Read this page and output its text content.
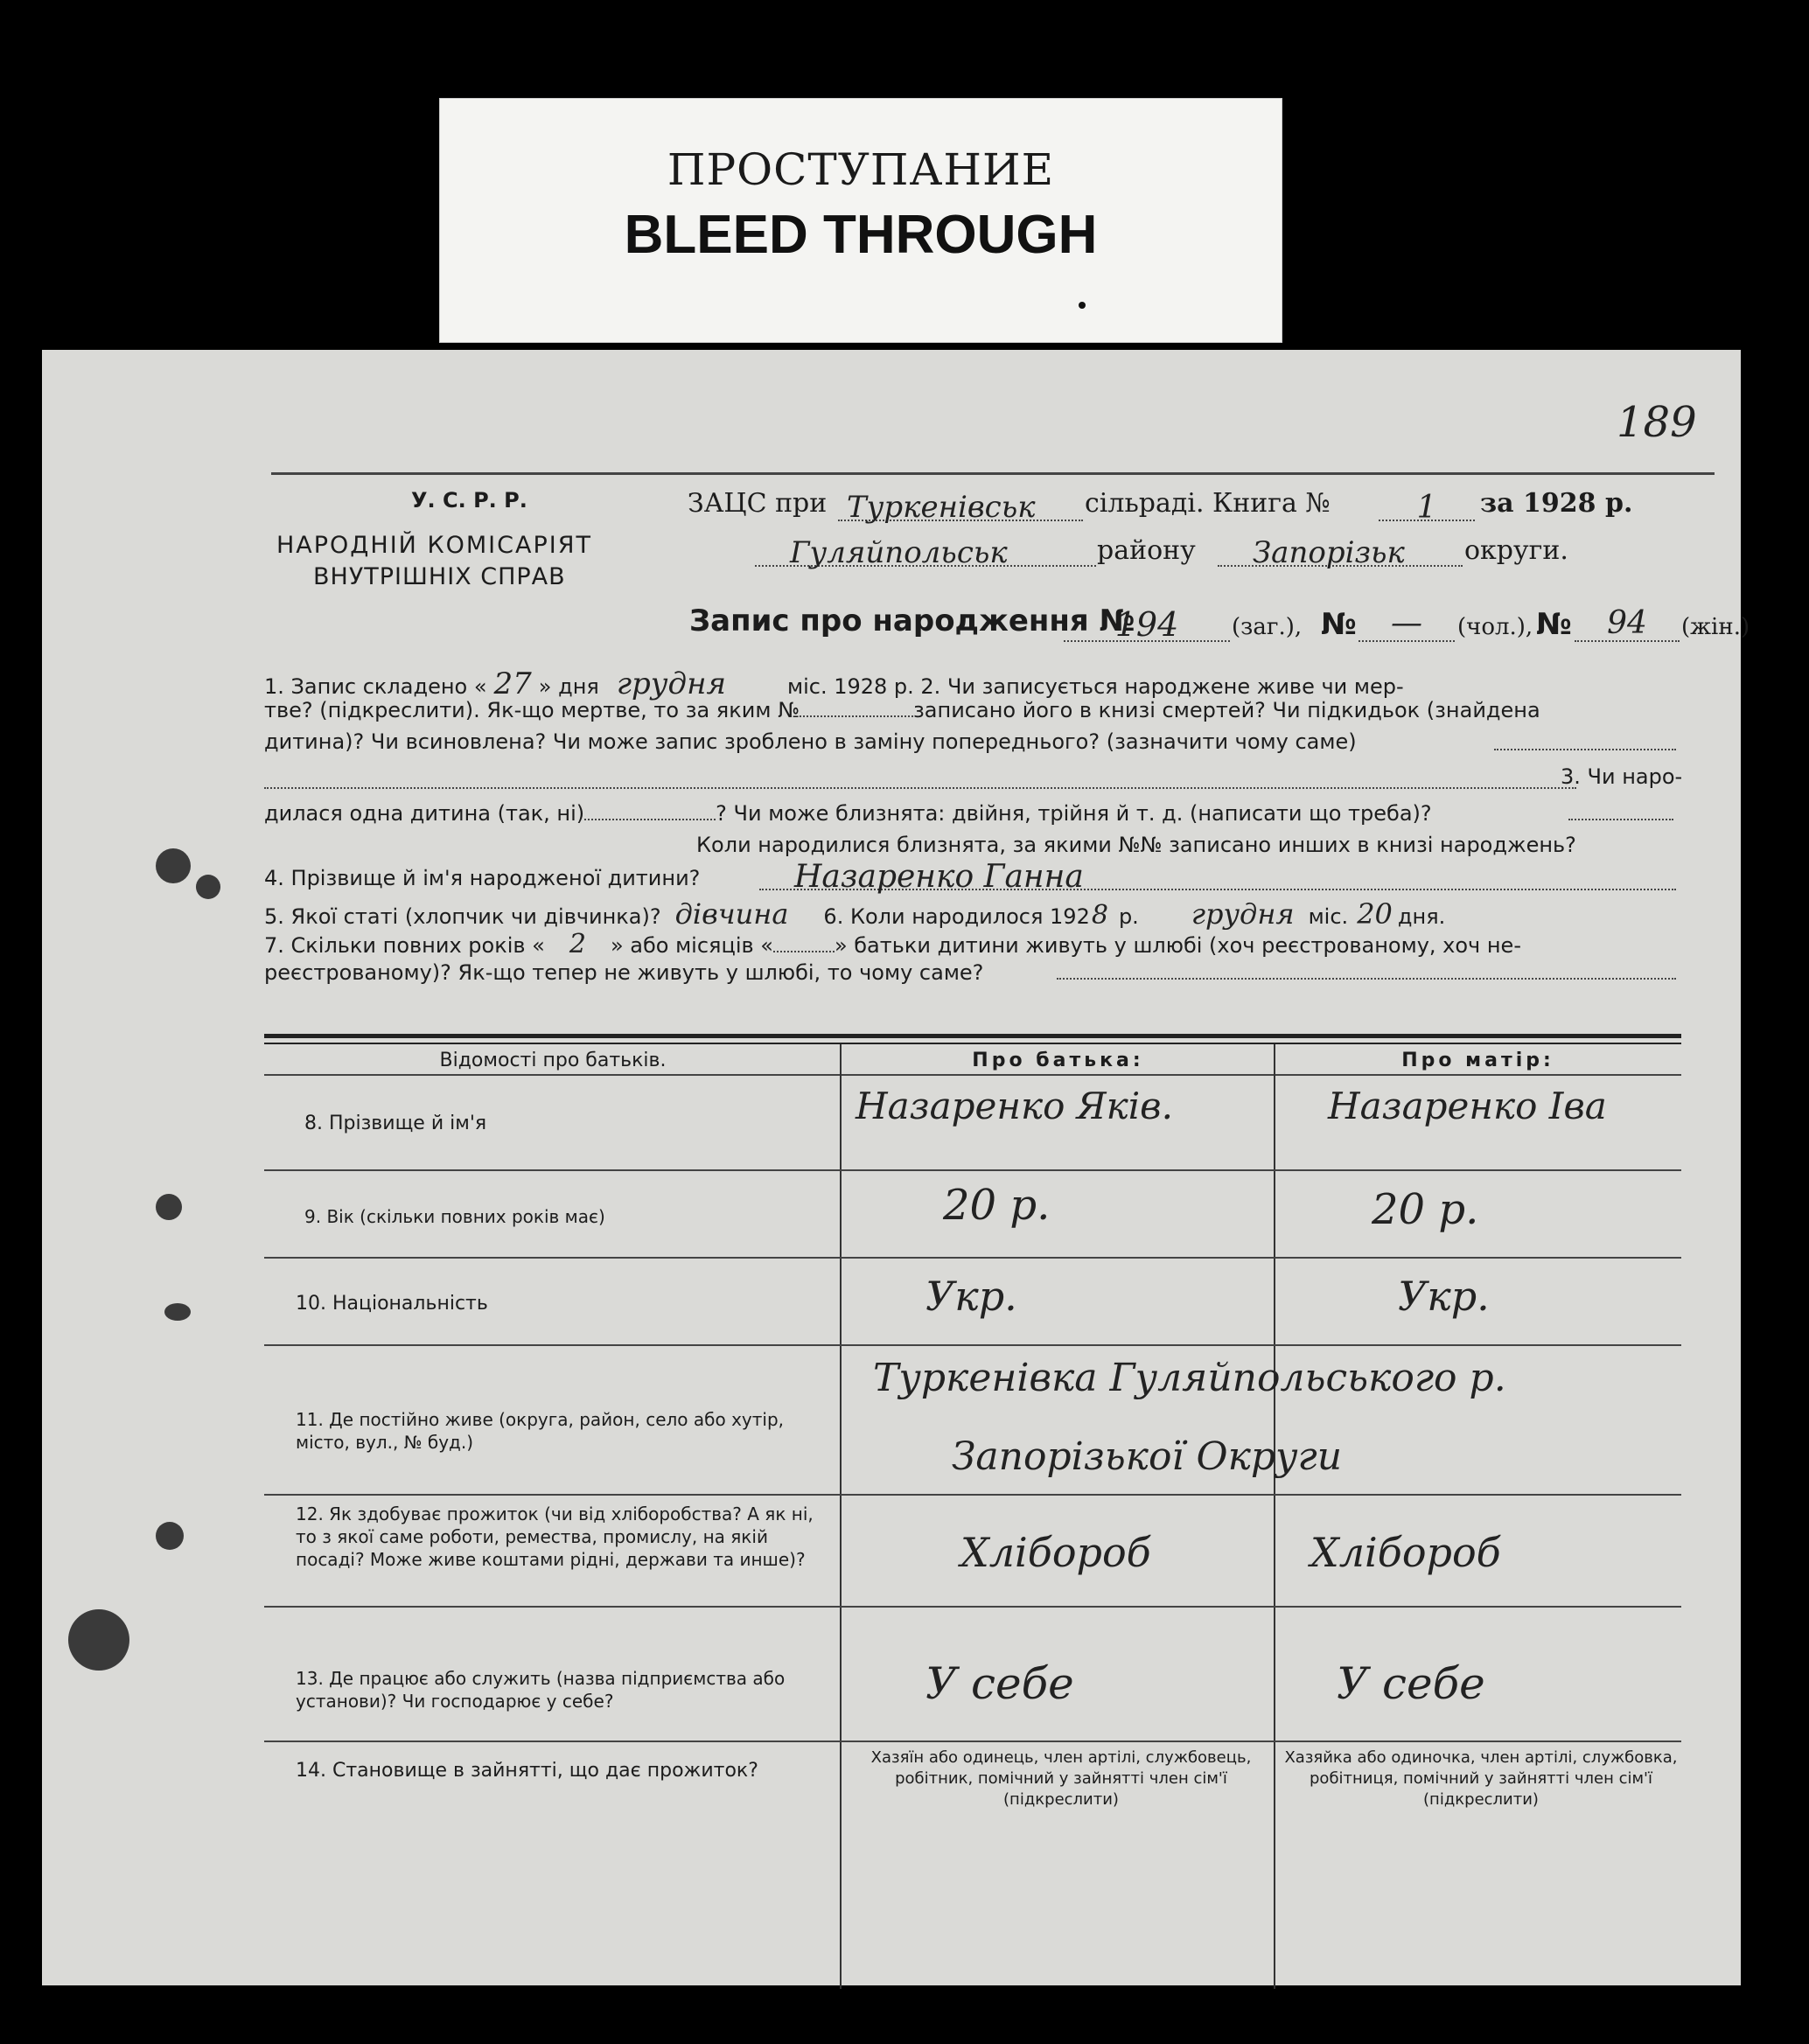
ПРОСТУПАНИЕ
BLEED THROUGH
189
У. С. Р. Р.
НАРОДНІЙ КОМІСАРІЯТ
ВНУТРІШНІХ СПРАВ
ЗАЦС при Туркенівськ	сільраді. Книга №	1	за 1928 р.
Гуляйпольськ	району	Запорізьк	округи.
Запис про народження №
194	(заг.), №	—	(чол.), №	94	(жін.)
1. Запис складено « 27 » дня грудня	міс. 1928 р. 2. Чи записується народжене живе чи мер-
тве? (підкреслити). Як-що мертве, то за яким №	записано його в книзі смертей? Чи підкидьок (знайдена
дитина)? Чи всиновлена? Чи може запис зроблено в заміну попереднього? (зазначити чому саме)
3. Чи наро-
дилася одна дитина (так, ні)	? Чи може близнята: двійня, трійня й т. д. (написати що треба)?
Коли народилися близнята, за якими №№ записано инших в книзі народжень?
4. Прізвище й ім'я народженої дитини?	Назаренко Ганна
5. Якої статі (хлопчик чи дівчинка)? дівчина 6. Коли народилося 1928 р. грудня міс. 20 дня.
7. Скільки повних років « 2 » або місяців «	» батьки дитини живуть у шлюбі (хоч реєстрованому, хоч не-
реєстрованому)? Як-що тепер не живуть у шлюбі, то чому саме?
Відомості про батьків.	Про батька:	Про матір:
8. Прізвище й ім'я	Назаренко Яків.	Назаренко Іва
9. Вік (скільки повних років має)	20 р.	20 р.
10. Національність	Укр.	Укр.
11. Де постійно живе (округа, район, село або хутір, місто, вул., № буд.)
Туркенівка Гуляйпольського р.
Запорізької Округи
12. Як здобуває прожиток (чи від хліборобства? А як ні, то з якої саме роботи, ремества, промислу, на якій посаді? Може живе коштами рідні, держави та инше)?	Хлібороб	Хлібороб
13. Де працює або служить (назва підприємства або установи)? Чи господарює у себе?	У себе	У себе
14. Становище в зайнятті, що дає прожиток?
Хазяїн або одинець, член артілі, службовець, робітник, помічний у зайнятті член сім'ї (підкреслити)
Хазяйка або одиночка, член артілі, службовка, робітниця, помічний у зайнятті член сім'ї (підкреслити)
